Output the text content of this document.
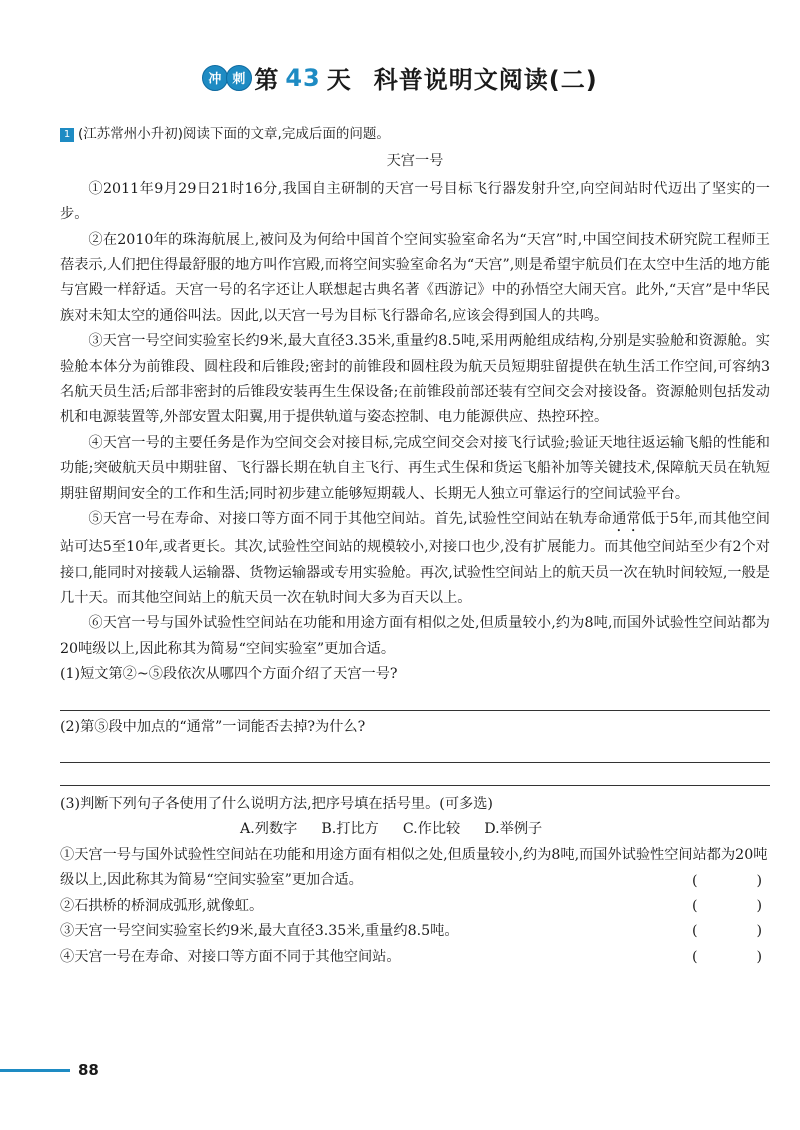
冲 刺 第 43 天 科普说明文阅读(二)
1 (江苏常州小升初)阅读下面的文章,完成后面的问题。
天宫一号

①2011年9月29日21时16分,我国自主研制的天宫一号目标飞行器发射升空,向空间站时代迈出了坚实的一步。

②在2010年的珠海航展上,被问及为何给中国首个空间实验室命名为“天宫”时,中国空间技术研究院工程师王蓓表示,人们把住得最舒服的地方叫作宫殿,而将空间实验室命名为“天宫”,则是希望宇航员们在太空中生活的地方能与宫殿一样舒适。天宫一号的名字还让人联想起古典名著《西游记》中的孙悟空大闹天宫。此外,“天宫”是中华民族对未知太空的通俗叫法。因此,以天宫一号为目标飞行器命名,应该会得到国人的共鸣。

③天宫一号空间实验室长约9米,最大直径3.35米,重量约8.5吨,采用两舱组成结构,分别是实验舱和资源舱。实验舱本体分为前锥段、圆柱段和后锥段;密封的前锥段和圆柱段为航天员短期驻留提供在轨生活工作空间,可容纳3名航天员生活;后部非密封的后锥段安装再生生保设备;在前锥段前部还装有空间交会对接设备。资源舱则包括发动机和电源装置等,外部安置太阳翼,用于提供轨道与姿态控制、电力能源供应、热控环控。

④天宫一号的主要任务是作为空间交会对接目标,完成空间交会对接飞行试验;验证天地往返运输飞船的性能和功能;突破航天员中期驻留、飞行器长期在轨自主飞行、再生式生保和货运飞船补加等关键技术,保障航天员在轨短期驻留期间安全的工作和生活;同时初步建立能够短期载人、长期无人独立可靠运行的空间试验平台。

⑤天宫一号在寿命、对接口等方面不同于其他空间站。首先,试验性空间站在轨寿命通常低于5年,而其他空间站可达5至10年,或者更长。其次,试验性空间站的规模较小,对接口也少,没有扩展能力。而其他空间站至少有2个对接口,能同时对接载人运输器、货物运输器或专用实验舱。再次,试验性空间站上的航天员一次在轨时间较短,一般是几十天。而其他空间站上的航天员一次在轨时间大多为百天以上。

⑥天宫一号与国外试验性空间站在功能和用途方面有相似之处,但质量较小,约为8吨,而国外试验性空间站都为20吨级以上,因此称其为简易“空间实验室”更加合适。

(1)短文第②~⑤段依次从哪四个方面介绍了天宫一号?

(2)第⑤段中加点的“通常”一词能否去掉?为什么?

(3)判断下列句子各使用了什么说明方法,把序号填在括号里。(可多选)

A.列数字 B.打比方 C.作比较 D.举例子
①天宫一号与国外试验性空间站在功能和用途方面有相似之处,但质量较小,约为8吨,而国外试验性空间站都为20吨级以上,因此称其为简易“空间实验室”更加合适。	(	)
②石拱桥的桥洞成弧形,就像虹。	(	)
③天宫一号空间实验室长约9米,最大直径3.35米,重量约8.5吨。	(	)
④天宫一号在寿命、对接口等方面不同于其他空间站。	(	)
88
